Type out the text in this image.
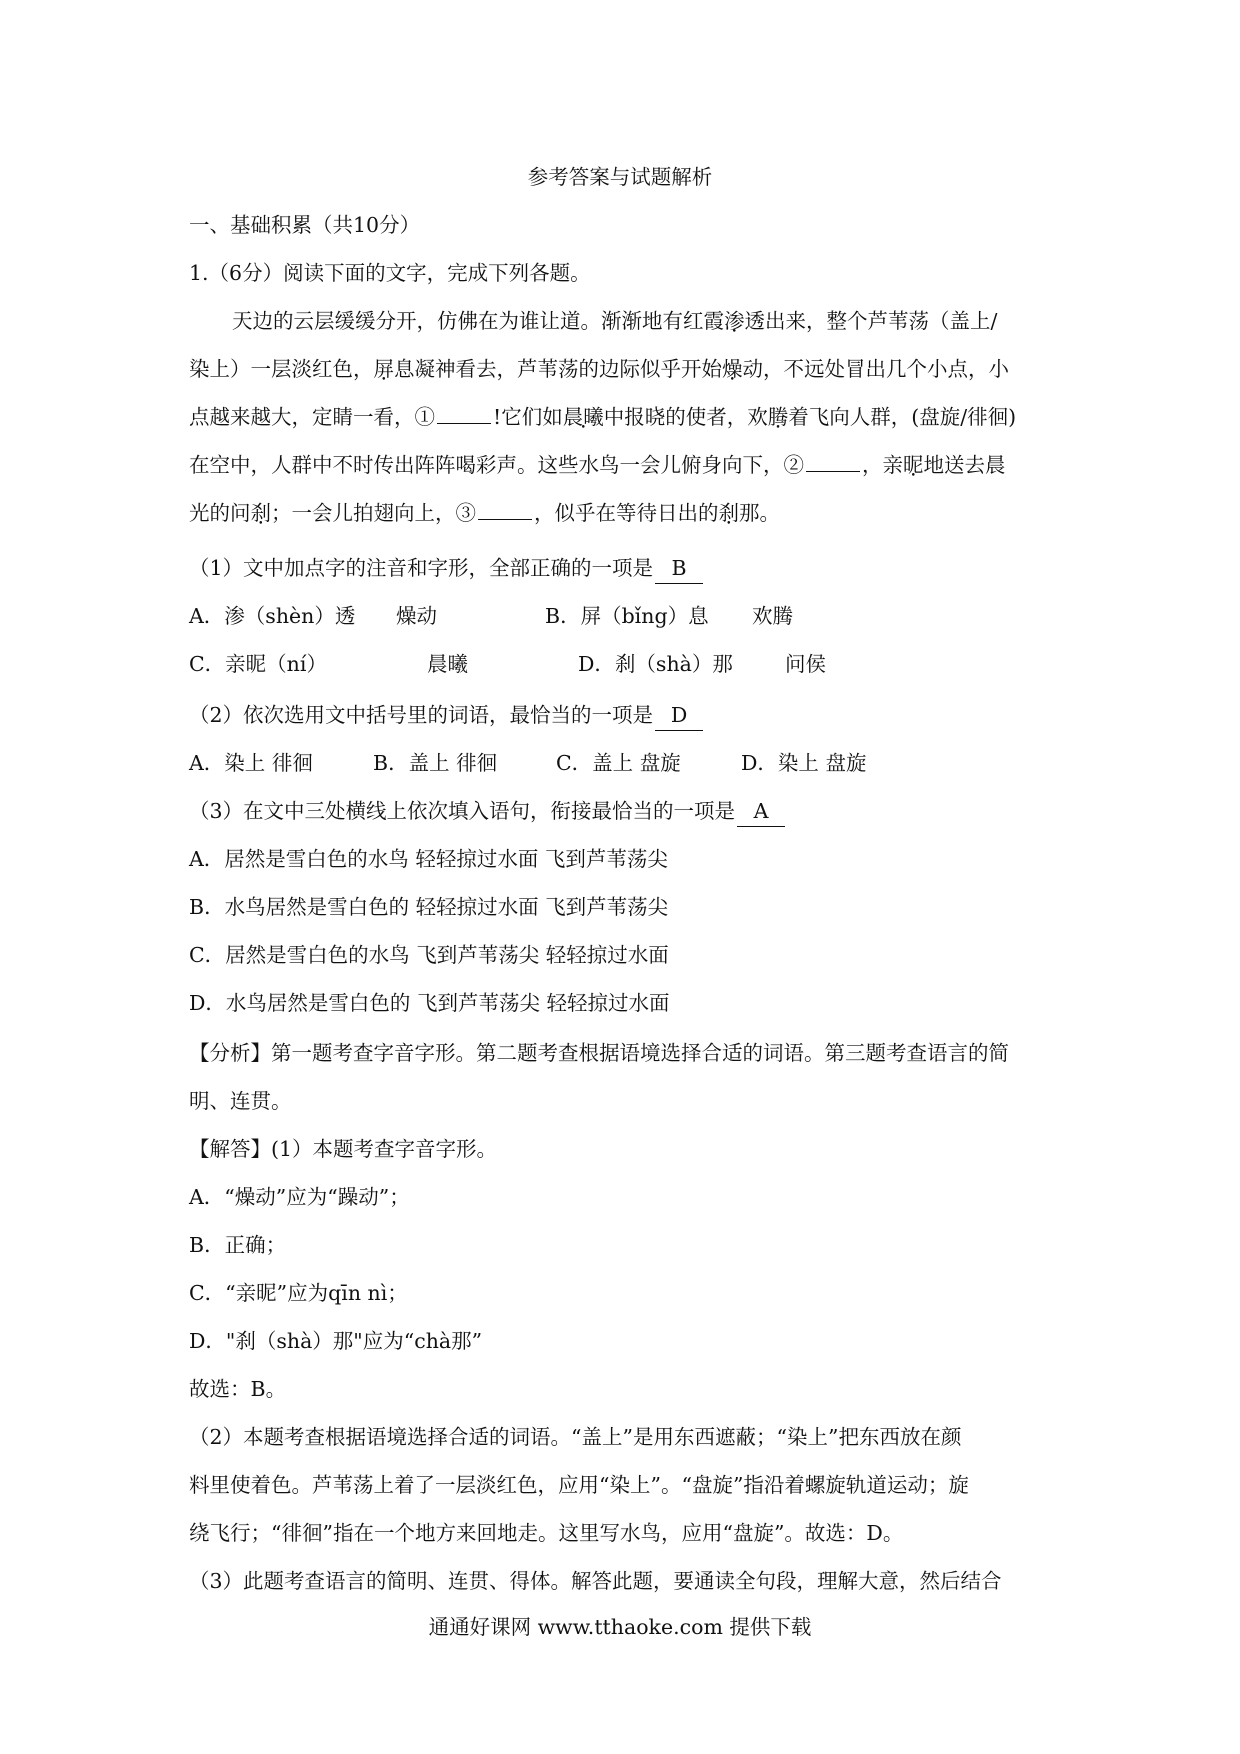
参考答案与试题解析
一、基础积累（共10分）
1.（6分）阅读下面的文字，完成下列各题。
天边的云层缓缓分开，仿佛在为谁让道。渐渐地有红霞渗透出来，整个芦苇荡（盖上/
染上）一层淡红色，屏息凝神看去，芦苇荡的边际似乎开始燥动，不远处冒出几个小点，小
点越来越大，定睛一看，①	!它们如晨曦中报晓的使者，欢腾着飞向人群，(盘旋/徘徊)
在空中，人群中不时传出阵阵喝彩声。这些水鸟一会儿俯身向下，②	，亲昵地送去晨
光的问刹；一会儿拍翅向上，③	，似乎在等待日出的刹那。
（1）文中加点字的注音和字形，全部正确的一项是 B
A．渗（shèn）透 燥动	B．屏（bǐng）息 欢腾
C．亲昵（ní）	晨曦	D．刹（shà）那	问侯
（2）依次选用文中括号里的词语，最恰当的一项是 D
A．染上 徘徊	B．盖上 徘徊	C．盖上 盘旋	D．染上 盘旋
（3）在文中三处横线上依次填入语句，衔接最恰当的一项是 A
A．居然是雪白色的水鸟 轻轻掠过水面 飞到芦苇荡尖
B．水鸟居然是雪白色的 轻轻掠过水面 飞到芦苇荡尖
C．居然是雪白色的水鸟 飞到芦苇荡尖 轻轻掠过水面
D．水鸟居然是雪白色的 飞到芦苇荡尖 轻轻掠过水面
【分析】第一题考查字音字形。第二题考查根据语境选择合适的词语。第三题考查语言的简
明、连贯。
【解答】(1）本题考查字音字形。
A．“燥动”应为“躁动”；
B．正确；
C．“亲昵”应为qīn nì；
D．"刹（shà）那"应为“chà那”
故选：B。
（2）本题考查根据语境选择合适的词语。“盖上”是用东西遮蔽；“染上”把东西放在颜
料里使着色。芦苇荡上着了一层淡红色，应用“染上”。“盘旋”指沿着螺旋轨道运动；旋
绕飞行；“徘徊”指在一个地方来回地走。这里写水鸟，应用“盘旋”。故选：D。
（3）此题考查语言的简明、连贯、得体。解答此题，要通读全句段，理解大意，然后结合
通通好课网 www.tthaoke.com 提供下载
